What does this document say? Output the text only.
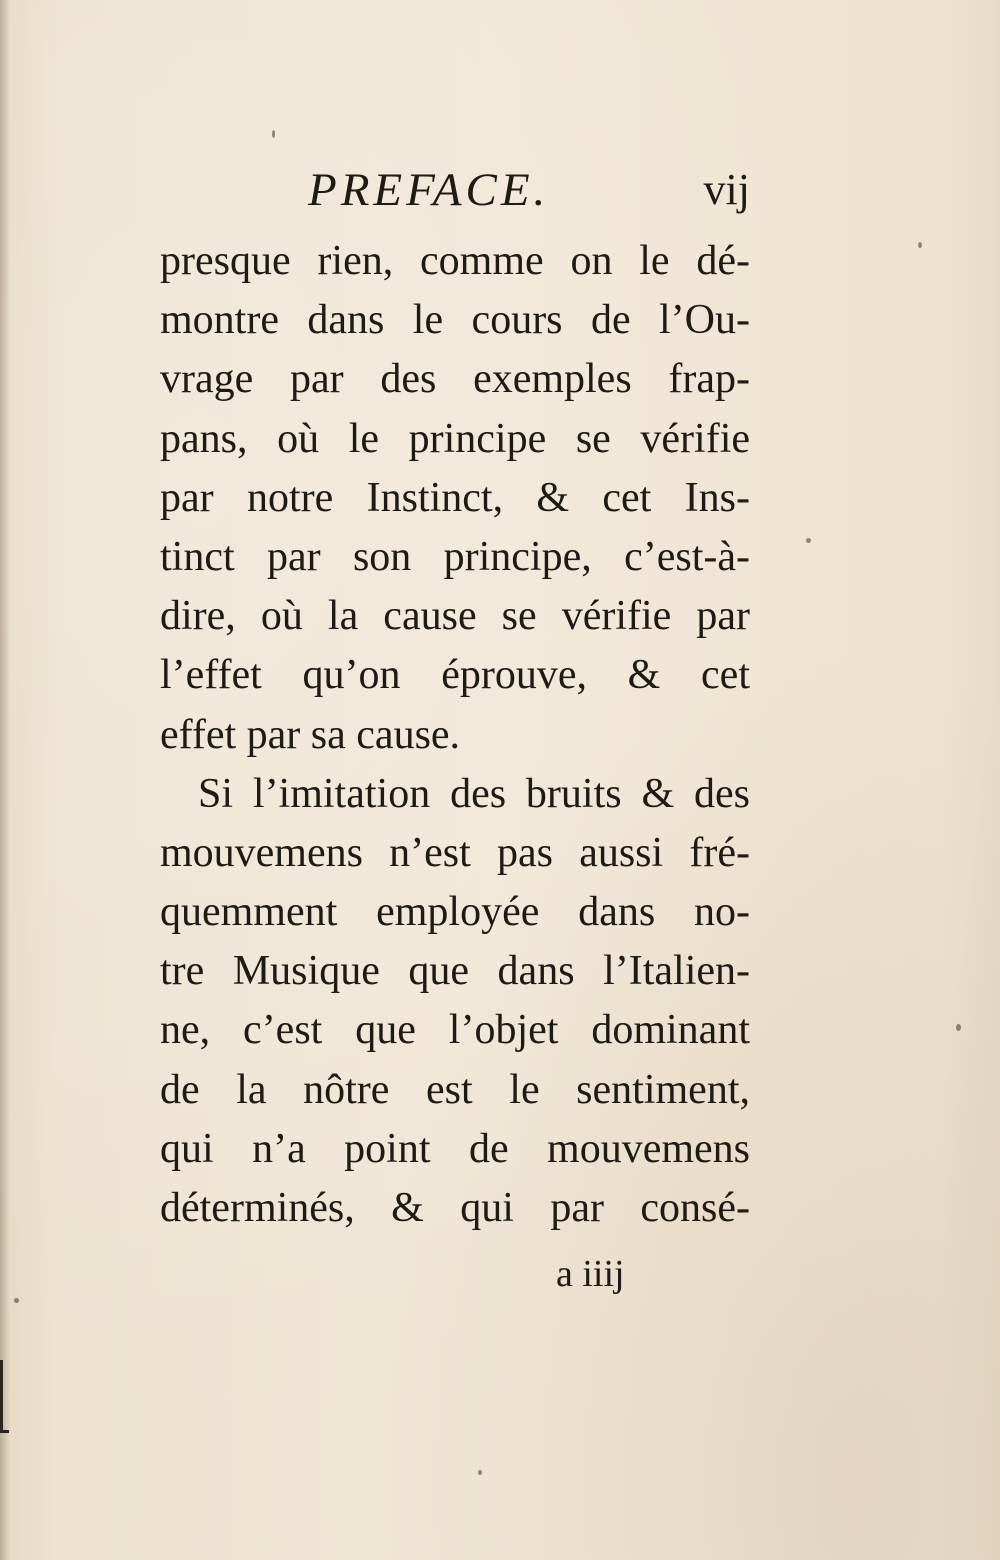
PREFACE.	vij
presque rien, comme on le dé-
montre dans le cours de l’Ou-
vrage par des exemples frap-
pans, où le principe se vérifie
par notre Instinct, & cet Ins-
tinct par son principe, c’est-à-
dire, où la cause se vérifie par
l’effet qu’on éprouve, & cet
effet par sa cause.
Si l’imitation des bruits & des
mouvemens n’est pas aussi fré-
quemment employée dans no-
tre Musique que dans l’Italien-
ne, c’est que l’objet dominant
de la nôtre est le sentiment,
qui n’a point de mouvemens
déterminés, & qui par consé-
a iiij
